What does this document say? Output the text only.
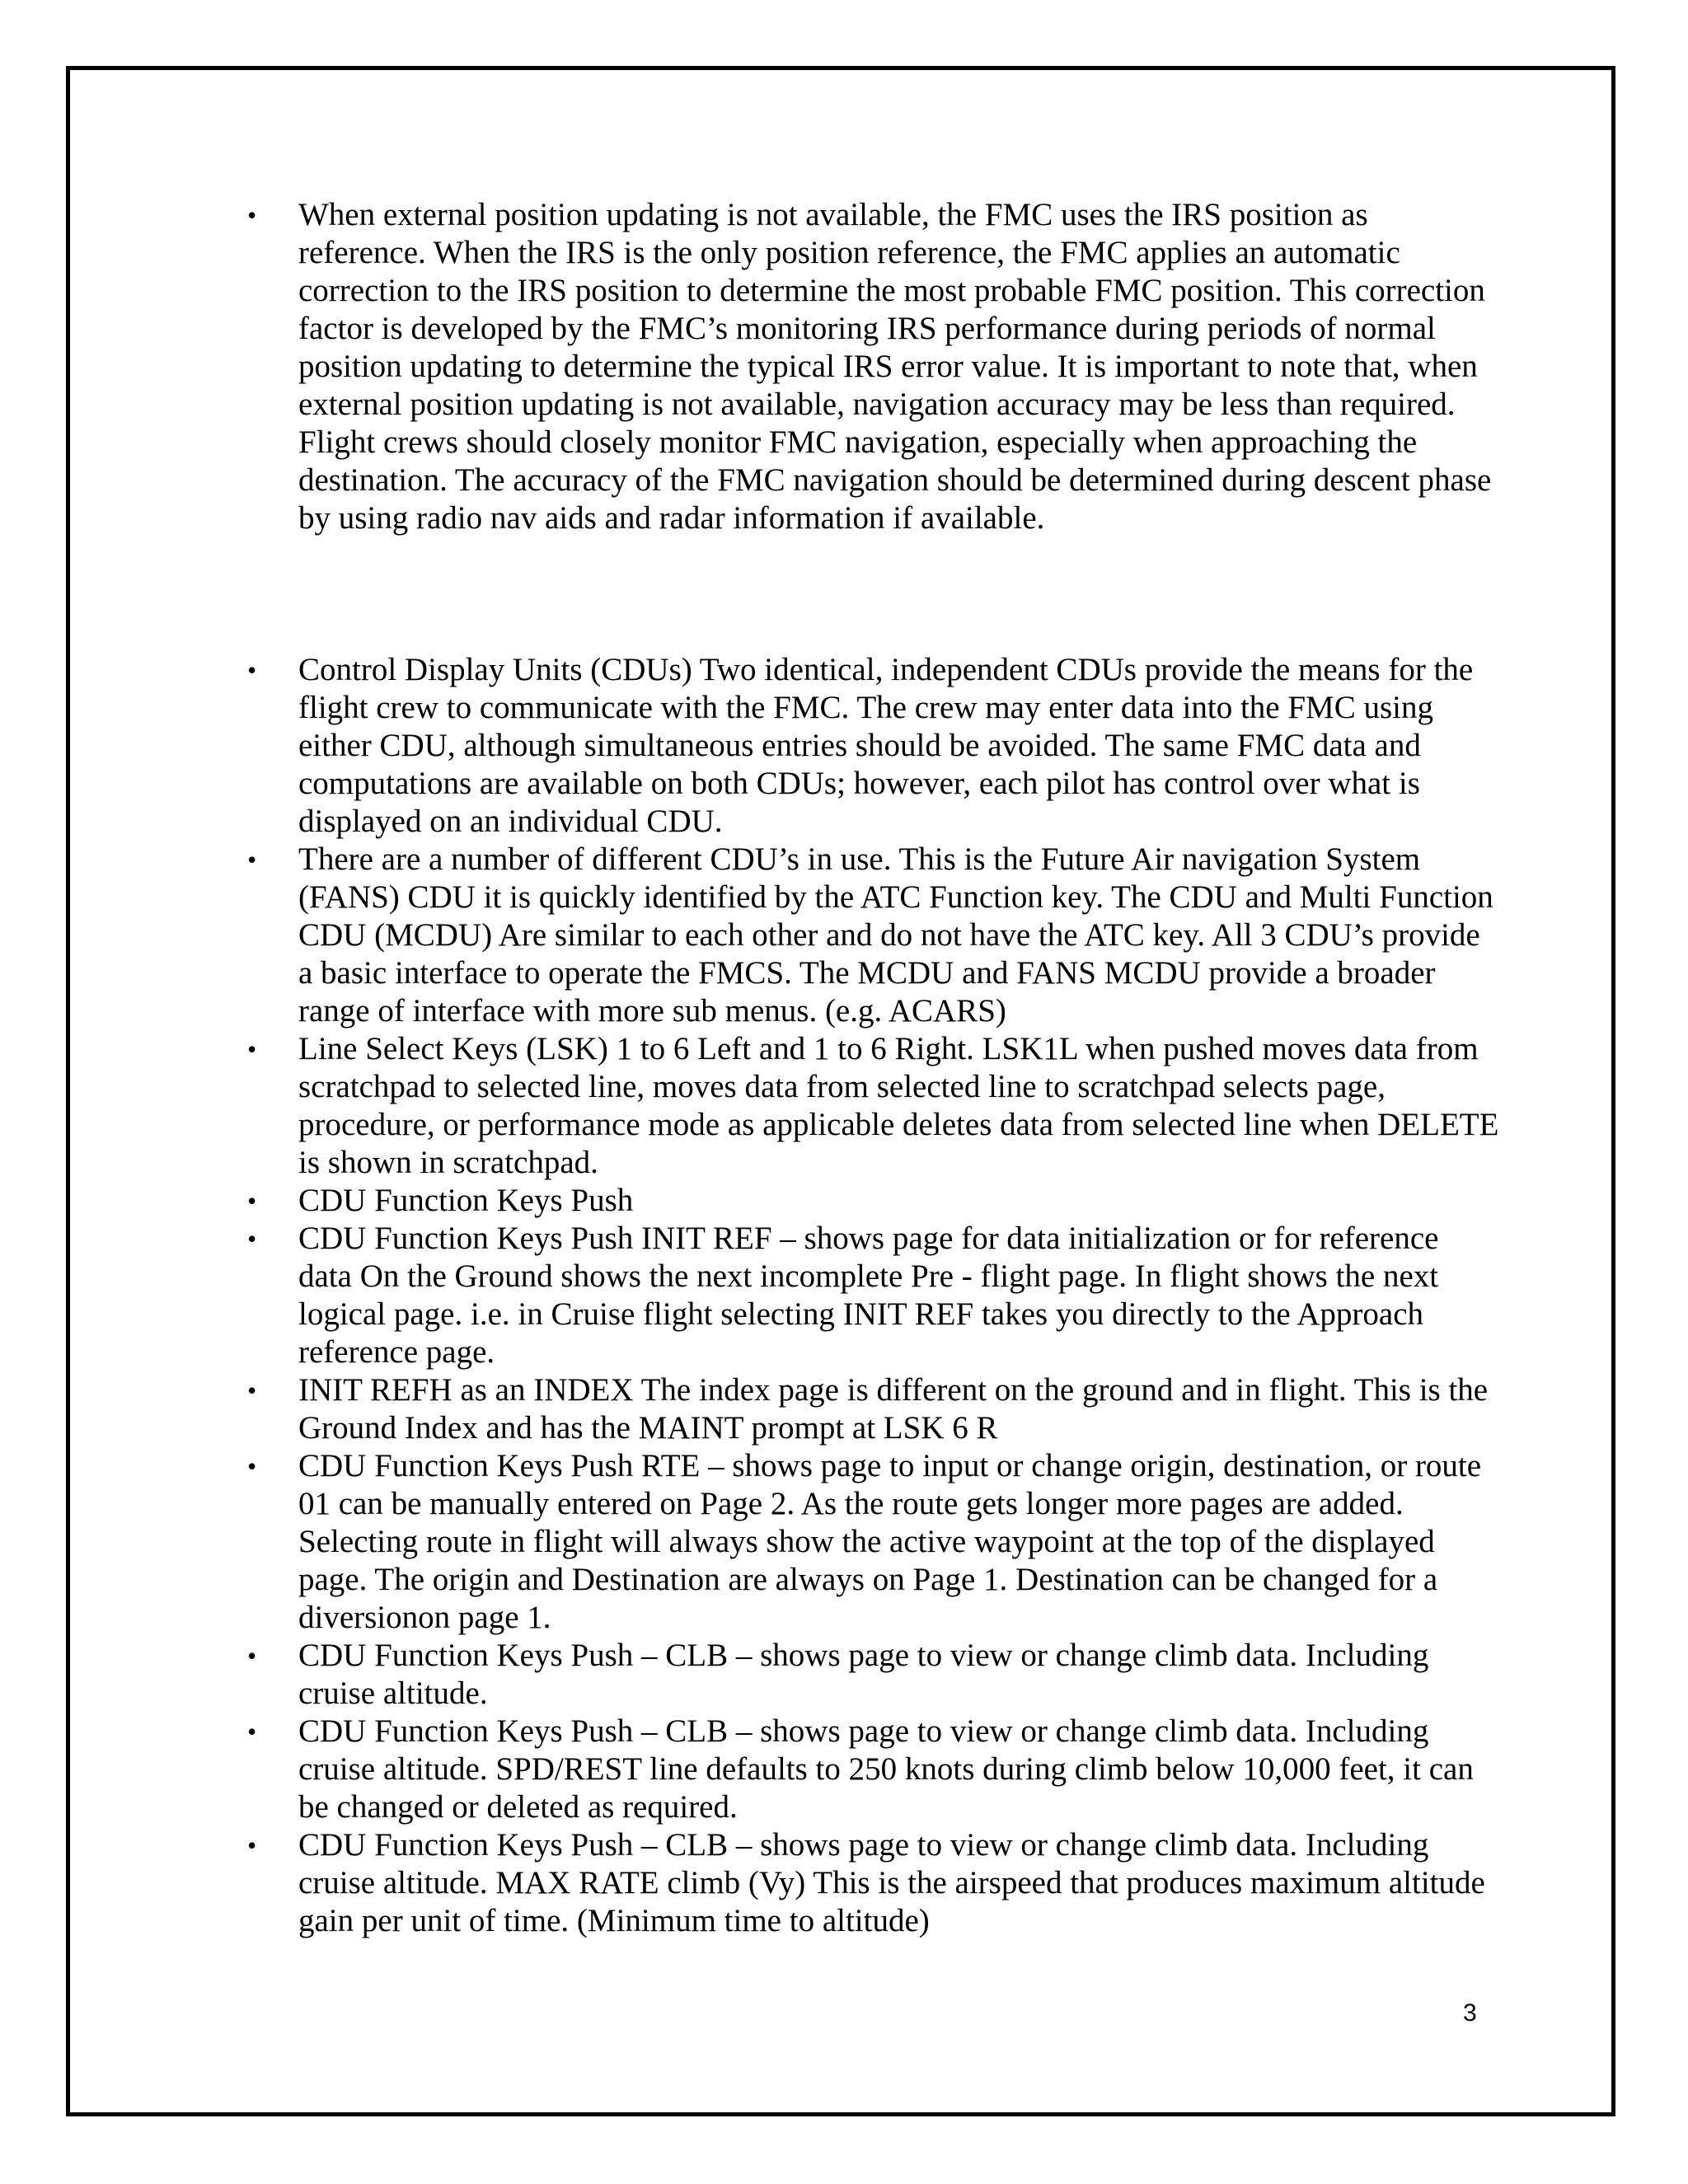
• When external position updating is not available, the FMC uses the IRS position as reference. When the IRS is the only position reference, the FMC applies an automatic correction to the IRS position to determine the most probable FMC position. This correction factor is developed by the FMC’s monitoring IRS performance during periods of normal position updating to determine the typical IRS error value. It is important to note that, when external position updating is not available, navigation accuracy may be less than required. Flight crews should closely monitor FMC navigation, especially when approaching the destination. The accuracy of the FMC navigation should be determined during descent phase by using radio nav aids and radar information if available.
• Control Display Units (CDUs) Two identical, independent CDUs provide the means for the flight crew to communicate with the FMC. The crew may enter data into the FMC using either CDU, although simultaneous entries should be avoided. The same FMC data and computations are available on both CDUs; however, each pilot has control over what is displayed on an individual CDU.
• There are a number of different CDU’s in use. This is the Future Air navigation System (FANS) CDU it is quickly identified by the ATC Function key. The CDU and Multi Function CDU (MCDU) Are similar to each other and do not have the ATC key. All 3 CDU’s provide a basic interface to operate the FMCS. The MCDU and FANS MCDU provide a broader range of interface with more sub menus. (e.g. ACARS)
• Line Select Keys (LSK) 1 to 6 Left and 1 to 6 Right. LSK1L when pushed moves data from scratchpad to selected line, moves data from selected line to scratchpad selects page, procedure, or performance mode as applicable deletes data from selected line when DELETE is shown in scratchpad.
• CDU Function Keys Push
• CDU Function Keys Push INIT REF – shows page for data initialization or for reference data On the Ground shows the next incomplete Pre - flight page. In flight shows the next logical page. i.e. in Cruise flight selecting INIT REF takes you directly to the Approach reference page.
• INIT REFH as an INDEX The index page is different on the ground and in flight. This is the Ground Index and has the MAINT prompt at LSK 6 R
• CDU Function Keys Push RTE – shows page to input or change origin, destination, or route 01 can be manually entered on Page 2. As the route gets longer more pages are added. Selecting route in flight will always show the active waypoint at the top of the displayed page. The origin and Destination are always on Page 1. Destination can be changed for a diversionon page 1.
• CDU Function Keys Push – CLB – shows page to view or change climb data. Including cruise altitude.
• CDU Function Keys Push – CLB – shows page to view or change climb data. Including cruise altitude. SPD/REST line defaults to 250 knots during climb below 10,000 feet, it can be changed or deleted as required.
• CDU Function Keys Push – CLB – shows page to view or change climb data. Including cruise altitude. MAX RATE climb (Vy) This is the airspeed that produces maximum altitude gain per unit of time. (Minimum time to altitude)
3
